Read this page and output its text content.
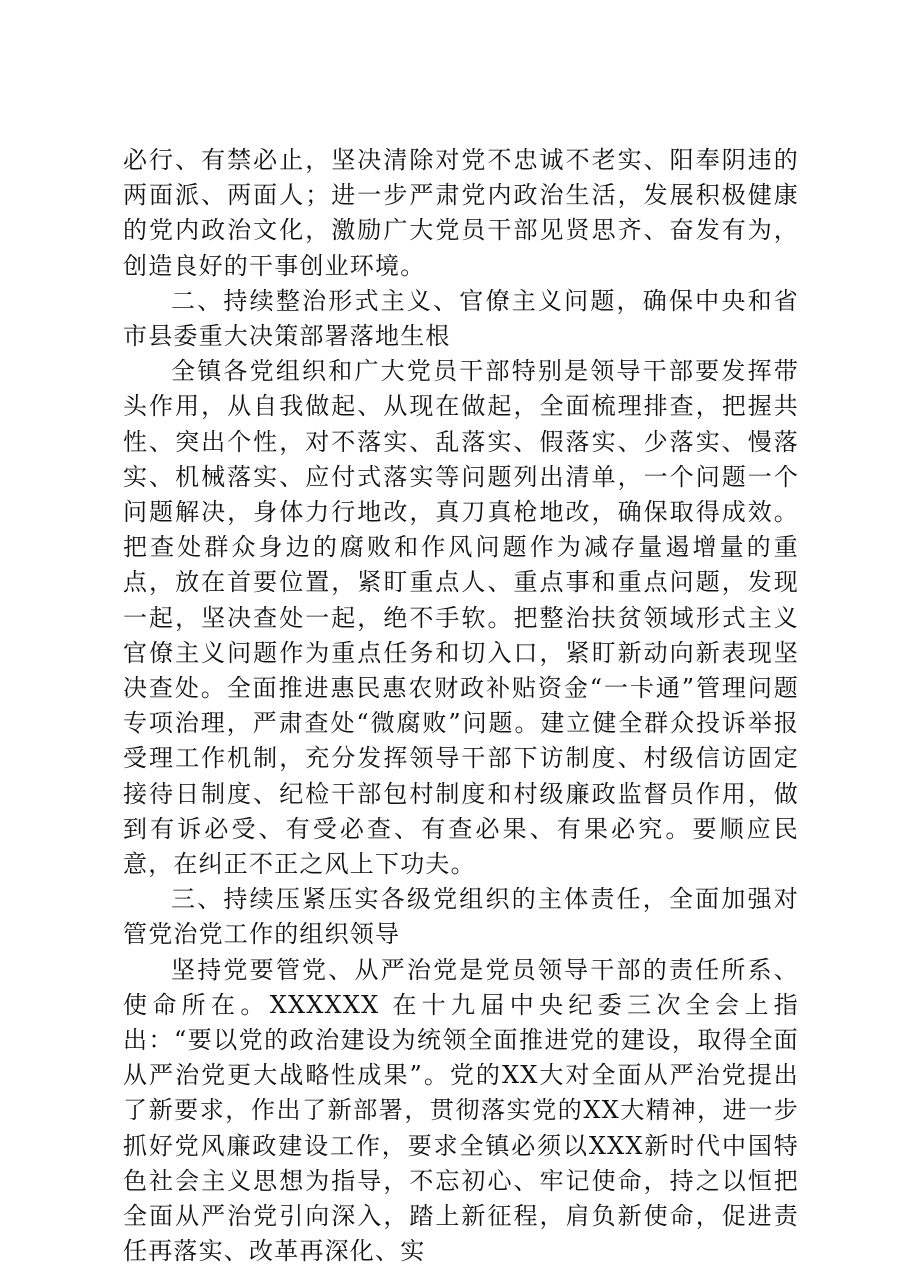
必行、有禁必止，坚决清除对党不忠诚不老实、阳奉阴违的两面派、两面人；进一步严肃党内政治生活，发展积极健康的党内政治文化，激励广大党员干部见贤思齐、奋发有为，创造良好的干事创业环境。

二、持续整治形式主义、官僚主义问题，确保中央和省市县委重大决策部署落地生根

全镇各党组织和广大党员干部特别是领导干部要发挥带头作用，从自我做起、从现在做起，全面梳理排查，把握共性、突出个性，对不落实、乱落实、假落实、少落实、慢落实、机械落实、应付式落实等问题列出清单，一个问题一个问题解决，身体力行地改，真刀真枪地改，确保取得成效。把查处群众身边的腐败和作风问题作为减存量遏增量的重点，放在首要位置，紧盯重点人、重点事和重点问题，发现一起，坚决查处一起，绝不手软。把整治扶贫领域形式主义官僚主义问题作为重点任务和切入口，紧盯新动向新表现坚决查处。全面推进惠民惠农财政补贴资金“一卡通”管理问题专项治理，严肃查处“微腐败”问题。建立健全群众投诉举报受理工作机制，充分发挥领导干部下访制度、村级信访固定接待日制度、纪检干部包村制度和村级廉政监督员作用，做到有诉必受、有受必查、有查必果、有果必究。要顺应民意，在纠正不正之风上下功夫。

三、持续压紧压实各级党组织的主体责任，全面加强对管党治党工作的组织领导

坚持党要管党、从严治党是党员领导干部的责任所系、使命所在。XXXXXX 在十九届中央纪委三次全会上指出：“要以党的政治建设为统领全面推进党的建设，取得全面从严治党更大战略性成果”。党的XX大对全面从严治党提出了新要求，作出了新部署，贯彻落实党的XX大精神，进一步抓好党风廉政建设工作，要求全镇必须以XXX新时代中国特色社会主义思想为指导，不忘初心、牢记使命，持之以恒把全面从严治党引向深入，踏上新征程，肩负新使命，促进责任再落实、改革再深化、实
